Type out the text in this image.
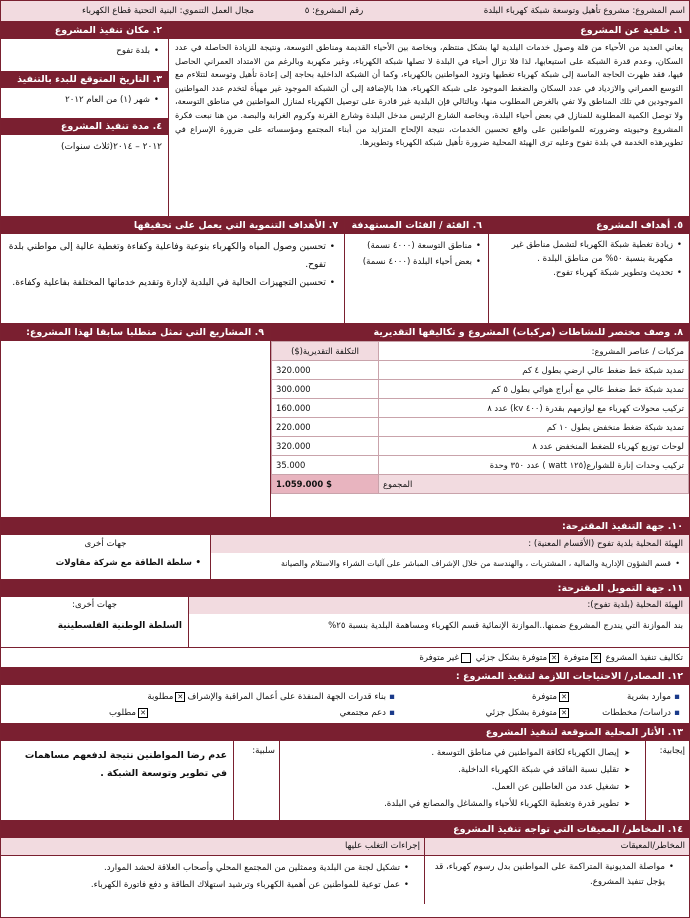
اسم المشروع: مشروع تأهيل وتوسعة شبكة كهرباء البلدة
رقم المشروع: ٥
مجال العمل التنموي: البنية التحتية قطاع الكهرباء
١. خلفية عن المشروع
يعاني العديد من الأحياء من قلة وصول خدمات البلدية لها بشكل منتظم، وبخاصة بين الأحياء القديمة ومناطق التوسعة، ونتيجة للزيادة الحاصلة في عدد السكان، وعدم قدرة الشبكة على استيعابها، لذا فلا تزال أحياء في البلدة لا تصلها شبكة الكهرباء، وغير مكهربة وبالرغم من الامتداد العمراني الحاصل فيها، فقد ظهرت الحاجة الماسة إلى شبكة كهرباء تغطيها وتزود المواطنين بالكهرباء، وكما أن الشبكة الداخلية بحاجة إلى إعادة تأهيل وتوسعة لتتلاءم مع التوسع العمراني والازدياد في عدد السكان والضغط الموجود على شبكة الكهرباء، هذا بالإضافة إلى أن الشبكة الموجود غير مهيأة لتخدم عدد المواطنين الموجودين في تلك المناطق ولا تفي بالغرض المطلوب منها، وبالتالي فإن البلدية غير قادرة على توصيل الكهرباء لمنازل المواطنين في مناطق التوسعة، ولا توصل الكمية المطلوبة للمنازل في بعض أحياء البلدة، وبخاصة الشارع الرئيس مدخل البلدة وشارع القرنة وكروم الغرابة والبصة. من هنا نبعت فكرة المشروع وحيويته وضرورته للمواطنين على واقع تحسين الخدمات، نتيجة الإلحاح المتزايد من أبناء المجتمع ومؤسساته على ضرورة الإسراع في تطويرهذه الخدمة في بلدة تفوح وعليه ترى الهيئة المحلية ضرورة تأهيل شبكة الكهرباء وتطويرها.
٢. مكان تنفيذ المشروع
• بلدة تفوح
٣. التاريخ المتوقع للبدء بالتنفيذ
• شهر (١) من العام ٢٠١٢
٤. مدة تنفيذ المشروع
٢٠١٢ – ٢٠١٤(ثلاث سنوات)
٥. أهداف المشروع
• زيادة تغطية شبكة الكهرباء لتشمل مناطق غير مكهربة بنسبة ٥٠% من مناطق البلدة .
• تحديث وتطوير شبكة كهرباء تفوح.
٦. الفئة / الفئات المستهدفة
• مناطق التوسعة (٤٠٠٠ نسمة)
• بعض أحياء البلدة (٤٠٠٠ نسمة)
٧. الأهداف التنموية التي يعمل على تحقيقها
• تحسين وصول المياه والكهرباء بنوعية وفاعلية وكفاءة وتغطية عالية إلى مواطني بلدة تفوح.
• تحسين التجهيزات الحالية في البلدية لإدارة وتقديم خدماتها المختلفة بفاعلية وكفاءة.
٨. وصف مختصر للنشاطات (مركبات) المشروع و تكاليفها التقديرية
مركبات / عناصر المشروع:	التكلفة التقديرية($)
تمديد شبكة خط ضغط عالي ارضي بطول ٤ كم	320.000
تمديد شبكة خط ضغط عالي مع أبراج هوائي بطول ٥ كم	300.000
تركيب محولات كهرباء مع لوازمهم بقدرة (٤٠٠ kv) عدد ٨	160.000
تمديد شبكة ضغط منخفض بطول ١٠ كم	220.000
لوحات توزيع كهرباء للضغط المنخفض عدد ٨	320.000
تركيب وحدات إنارة للشوارع(١٢٥ watt ) عدد ٣٥٠ وحدة	35.000
المجموع	1.059.000 $
٩. المشاريع التي تمثل متطلبا سابقا لهذا المشروع:
١٠. جهة التنفيذ المقترحة:
الهيئة المحلية بلدية تفوح (الأقسام المعنية) :
• قسم الشؤون الإدارية والمالية ، المشتريات ، والهندسة من خلال الإشراف المباشر على آليات الشراء والاستلام والصيانة
جهات أخرى
• سلطة الطاقة مع شركة مقاولات
١١. جهة التمويل المقترحة:
الهيئة المحلية (بلدية تفوح):
بند الموازنة التي يندرج المشروع ضمنها..الموازنة الإنمائية قسم الكهرباء ومساهمة البلدية بنسبة ٢٥%
جهات أخرى:
السلطة الوطنية الفلسطينية
تكاليف تنفيذ المشروع ✕متوفرة ✕متوفرة بشكل جزئي غير متوفرة
١٢. المصادر/ الاحتياجات اللازمة لتنفيذ المشروع :
▪ موارد بشرية✕متوفرة
▪ دراسات/ مخططات✕متوفرة بشكل جزئي
▪ بناء قدرات الجهة المنفذة على أعمال المراقبة والإشراف✕مطلوبة
▪ دعم مجتمعي✕مطلوب
١٣. الأثار المحلية المتوقعة لتنفيذ المشروع
إيجابية:
➤ إيصال الكهرباء لكافة المواطنين في مناطق التوسعة .
➤ تقليل نسبة الفاقد في شبكة الكهرباء الداخلية.
➤ تشغيل عدد من العاطلين عن العمل.
➤ تطوير قدرة وتغطية الكهرباء للأحياء والمشاغل والمصانع في البلدة.
سلبية:
عدم رضا المواطنين نتيجة لدفعهم مساهمات في تطوير وتوسعة الشبكة .
١٤. المخاطر/ المعيقات التي تواجه تنفيذ المشروع
المخاطر/المعيقات
إجراءات التغلب عليها
• مواصلة المديونية المتراكمة على المواطنين بدل رسوم كهرباء، قد يؤجل تنفيذ المشروع.
• تشكيل لجنة من البلدية وممثلين من المجتمع المحلي وأصحاب العلاقة لحشد الموارد.
• عمل توعية للمواطنين عن أهمية الكهرباء وترشيد استهلاك الطاقة و دفع فاتورة الكهرباء.
